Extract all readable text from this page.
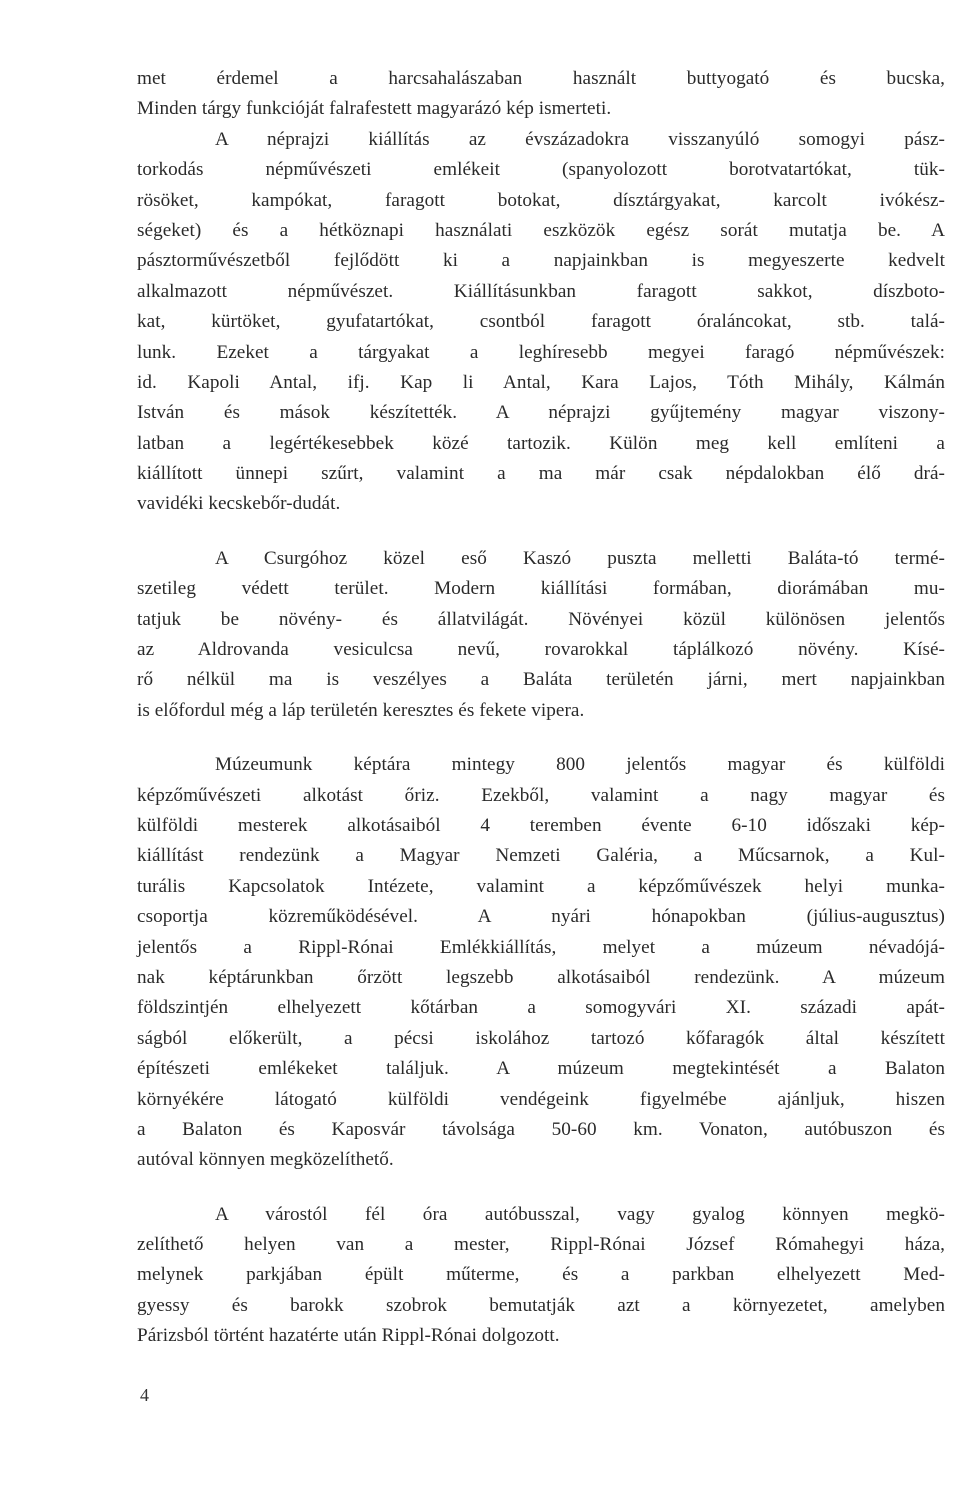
met érdemel a harcsahalászaban használt buttyogató és bucska,
Minden tárgy funkcióját falrafestett magyarázó kép ismerteti.
A néprajzi kiállítás az évszázadokra visszanyúló somogyi pász-
torkodás népművészeti emlékeit (spanyolozott borotvatartókat, tük-
rösöket, kampókat, faragott botokat, dísztárgyakat, karcolt ivókész-
ségeket) és a hétköznapi használati eszközök egész sorát mutatja be. A
pásztorművészetből fejlődött ki a napjainkban is megyeszerte kedvelt
alkalmazott népművészet. Kiállításunkban faragott sakkot, díszboto-
kat, kürtöket, gyufatartókat, csontból faragott óraláncokat, stb. talá-
lunk. Ezeket a tárgyakat a leghíresebb megyei faragó népművészek:
id. Kapoli Antal, ifj. Kap li Antal, Kara Lajos, Tóth Mihály, Kálmán
István és mások készítették. A néprajzi gyűjtemény magyar viszony-
latban a legértékesebbek közé tartozik. Külön meg kell említeni a
kiállított ünnepi szűrt, valamint a ma már csak népdalokban élő drá-
vavidéki kecskebőr-dudát.
A Csurgóhoz közel eső Kaszó puszta melletti Baláta-tó termé-
szetileg védett terület. Modern kiállítási formában, diorámában mu-
tatjuk be növény- és állatvilágát. Növényei közül különösen jelentős
az Aldrovanda vesiculcsa nevű, rovarokkal táplálkozó növény. Kísé-
rő nélkül ma is veszélyes a Baláta területén járni, mert napjainkban
is előfordul még a láp területén keresztes és fekete vipera.
Múzeumunk képtára mintegy 800 jelentős magyar és külföldi
képzőművészeti alkotást őriz. Ezekből, valamint a nagy magyar és
külföldi mesterek alkotásaiból 4 teremben évente 6-10 időszaki kép-
kiállítást rendezünk a Magyar Nemzeti Galéria, a Műcsarnok, a Kul-
turális Kapcsolatok Intézete, valamint a képzőművészek helyi munka-
csoportja közreműködésével. A nyári hónapokban (július-augusztus)
jelentős a Rippl-Rónai Emlékkiállítás, melyet a múzeum névadójá-
nak képtárunkban őrzött legszebb alkotásaiból rendezünk. A múzeum
földszintjén elhelyezett kőtárban a somogyvári XI. századi apát-
ságból előkerült, a pécsi iskolához tartozó kőfaragók által készített
építészeti emlékeket találjuk. A múzeum megtekintését a Balaton
környékére látogató külföldi vendégeink figyelmébe ajánljuk, hiszen
a Balaton és Kaposvár távolsága 50-60 km. Vonaton, autóbuszon és
autóval könnyen megközelíthető.
A várostól fél óra autóbusszal, vagy gyalog könnyen megkö-
zelíthető helyen van a mester, Rippl-Rónai József Rómahegyi háza,
melynek parkjában épült műterme, és a parkban elhelyezett Med-
gyessy és barokk szobrok bemutatják azt a környezetet, amelyben
Párizsból történt hazatérte után Rippl-Rónai dolgozott.
4
